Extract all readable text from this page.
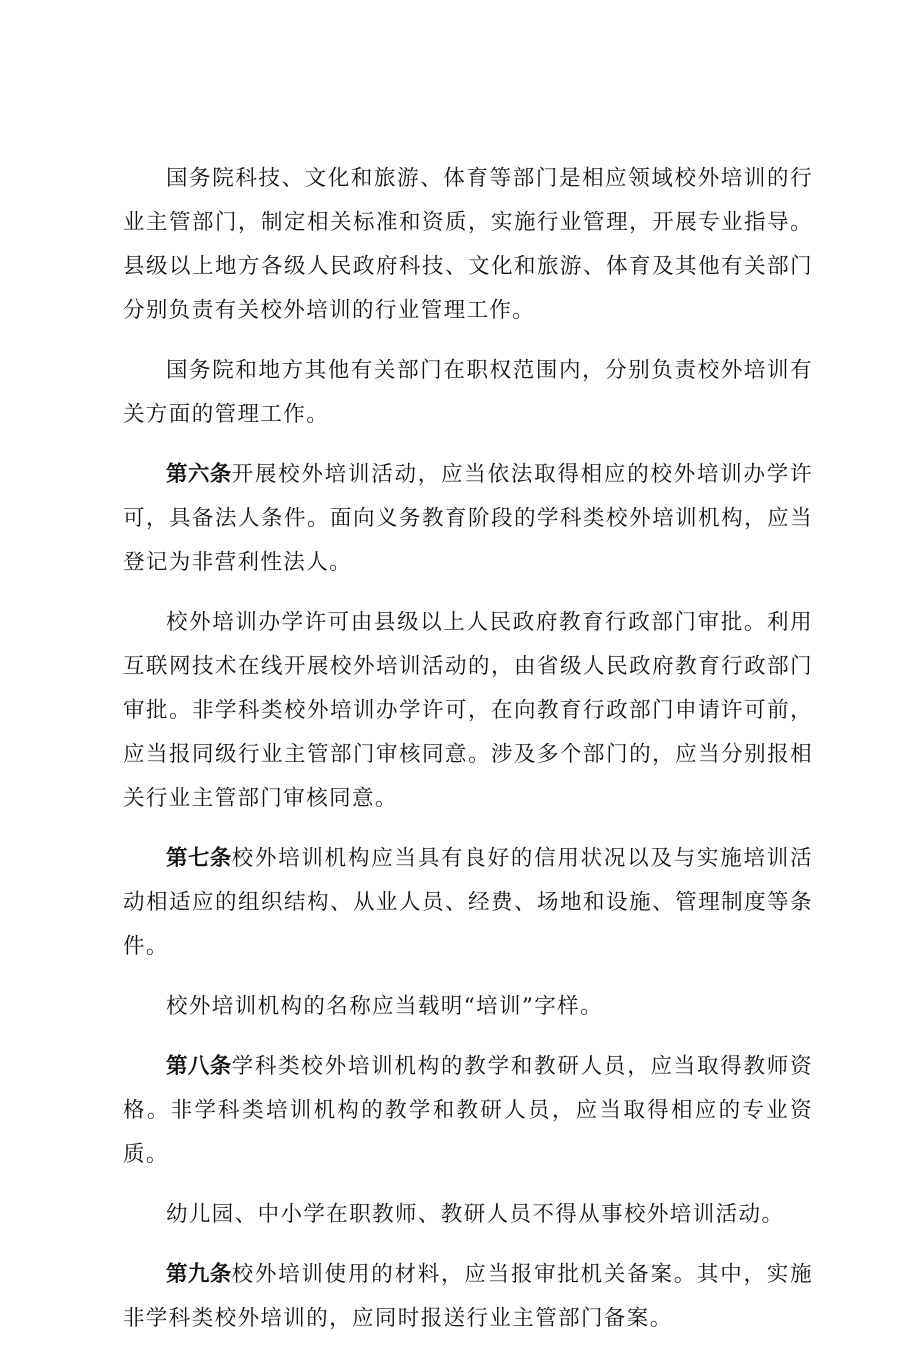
国务院科技、文化和旅游、体育等部门是相应领域校外培训的行业主管部门，制定相关标准和资质，实施行业管理，开展专业指导。县级以上地方各级人民政府科技、文化和旅游、体育及其他有关部门分别负责有关校外培训的行业管理工作。

国务院和地方其他有关部门在职权范围内，分别负责校外培训有关方面的管理工作。

第六条开展校外培训活动，应当依法取得相应的校外培训办学许可，具备法人条件。面向义务教育阶段的学科类校外培训机构，应当登记为非营利性法人。

校外培训办学许可由县级以上人民政府教育行政部门审批。利用互联网技术在线开展校外培训活动的，由省级人民政府教育行政部门审批。非学科类校外培训办学许可，在向教育行政部门申请许可前，应当报同级行业主管部门审核同意。涉及多个部门的，应当分别报相关行业主管部门审核同意。

第七条校外培训机构应当具有良好的信用状况以及与实施培训活动相适应的组织结构、从业人员、经费、场地和设施、管理制度等条件。

校外培训机构的名称应当载明“培训”字样。

第八条学科类校外培训机构的教学和教研人员，应当取得教师资格。非学科类培训机构的教学和教研人员，应当取得相应的专业资质。

幼儿园、中小学在职教师、教研人员不得从事校外培训活动。

第九条校外培训使用的材料，应当报审批机关备案。其中，实施非学科类校外培训的，应同时报送行业主管部门备案。
